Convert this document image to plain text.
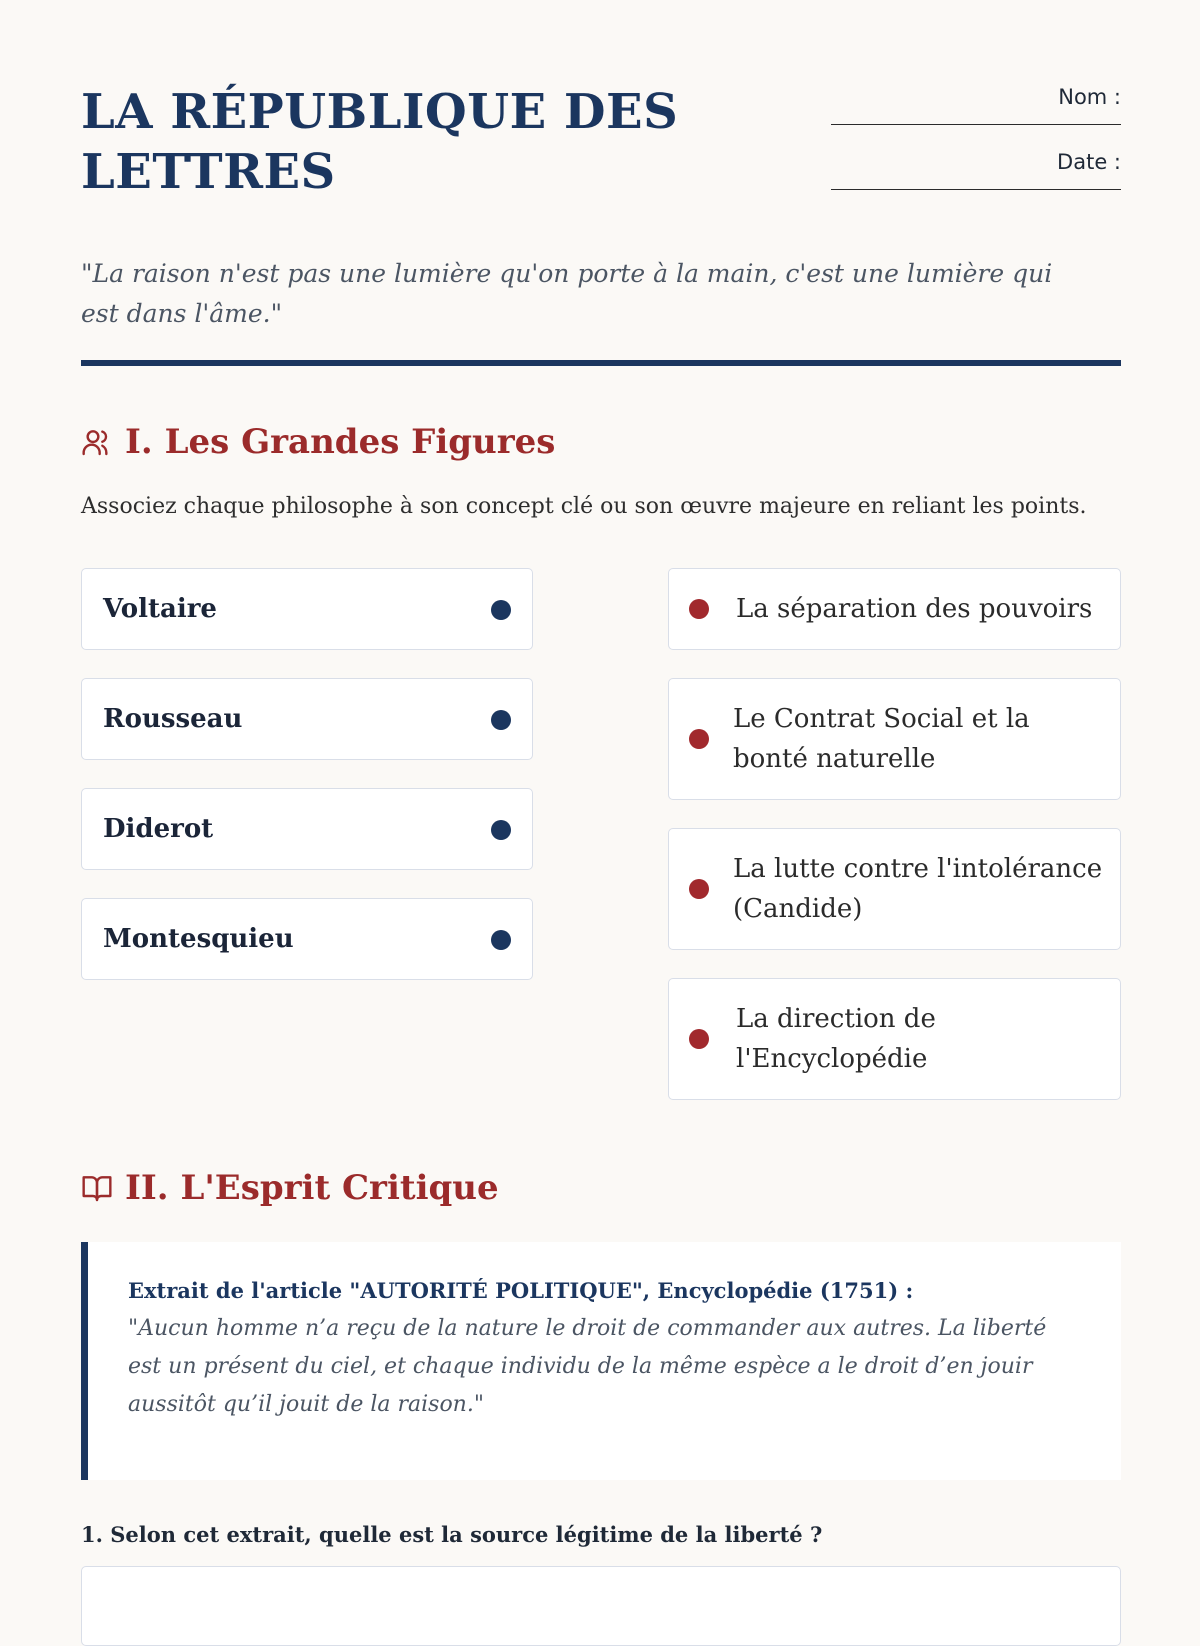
LA RÉPUBLIQUE DES LETTRES
Nom :
Date :

"La raison n'est pas une lumière qu'on porte à la main, c'est une lumière qui est dans l'âme."

I. Les Grandes Figures

Associez chaque philosophe à son concept clé ou son œuvre majeure en reliant les points.

Voltaire
Rousseau
Diderot
Montesquieu
La séparation des pouvoirs
Le Contrat Social et la bonté naturelle
La lutte contre l'intolérance (Candide)
La direction de l'Encyclopédie
II. L'Esprit Critique

Extrait de l'article "AUTORITÉ POLITIQUE", Encyclopédie (1751) :

"Aucun homme n’a reçu de la nature le droit de commander aux autres. La liberté est un présent du ciel, et chaque individu de la même espèce a le droit d’en jouir aussitôt qu’il jouit de la raison."

1. Selon cet extrait, quelle est la source légitime de la liberté ?
